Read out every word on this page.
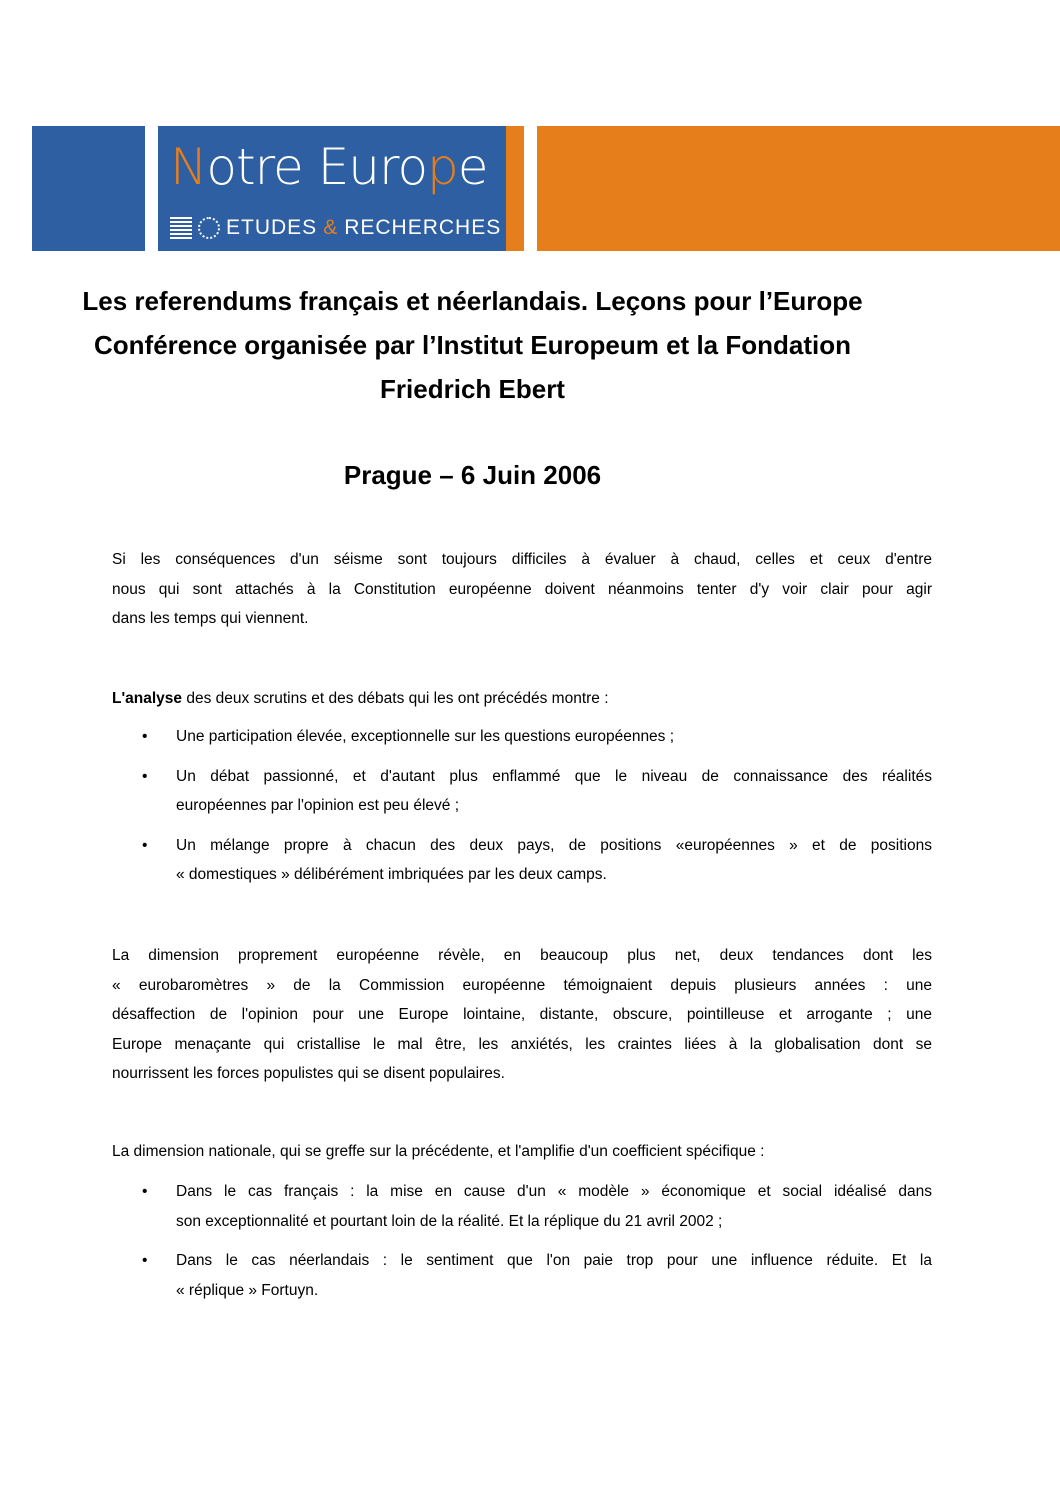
Notre Europe
ETUDES & RECHERCHES
Les referendums français et néerlandais. Leçons pour l’Europe
Conférence organisée par l’Institut Europeum et la Fondation
Friedrich Ebert
Prague – 6 Juin 2006
Si les conséquences d'un séisme sont toujours difficiles à évaluer à chaud, celles et ceux d'entre
nous qui sont attachés à la Constitution européenne doivent néanmoins tenter d'y voir clair pour agir
dans les temps qui viennent.
L'analyse des deux scrutins et des débats qui les ont précédés montre :
• Une participation élevée, exceptionnelle sur les questions européennes ;
• Un débat passionné, et d'autant plus enflammé que le niveau de connaissance des réalités
européennes par l'opinion est peu élevé ;
• Un mélange propre à chacun des deux pays, de positions «européennes » et de positions
« domestiques » délibérément imbriquées par les deux camps.
La dimension proprement européenne révèle, en beaucoup plus net, deux tendances dont les
« eurobaromètres » de la Commission européenne témoignaient depuis plusieurs années : une
désaffection de l'opinion pour une Europe lointaine, distante, obscure, pointilleuse et arrogante ; une
Europe menaçante qui cristallise le mal être, les anxiétés, les craintes liées à la globalisation dont se
nourrissent les forces populistes qui se disent populaires.
La dimension nationale, qui se greffe sur la précédente, et l'amplifie d'un coefficient spécifique :
• Dans le cas français : la mise en cause d'un « modèle » économique et social idéalisé dans
son exceptionnalité et pourtant loin de la réalité. Et la réplique du 21 avril 2002 ;
• Dans le cas néerlandais : le sentiment que l'on paie trop pour une influence réduite. Et la
« réplique » Fortuyn.
